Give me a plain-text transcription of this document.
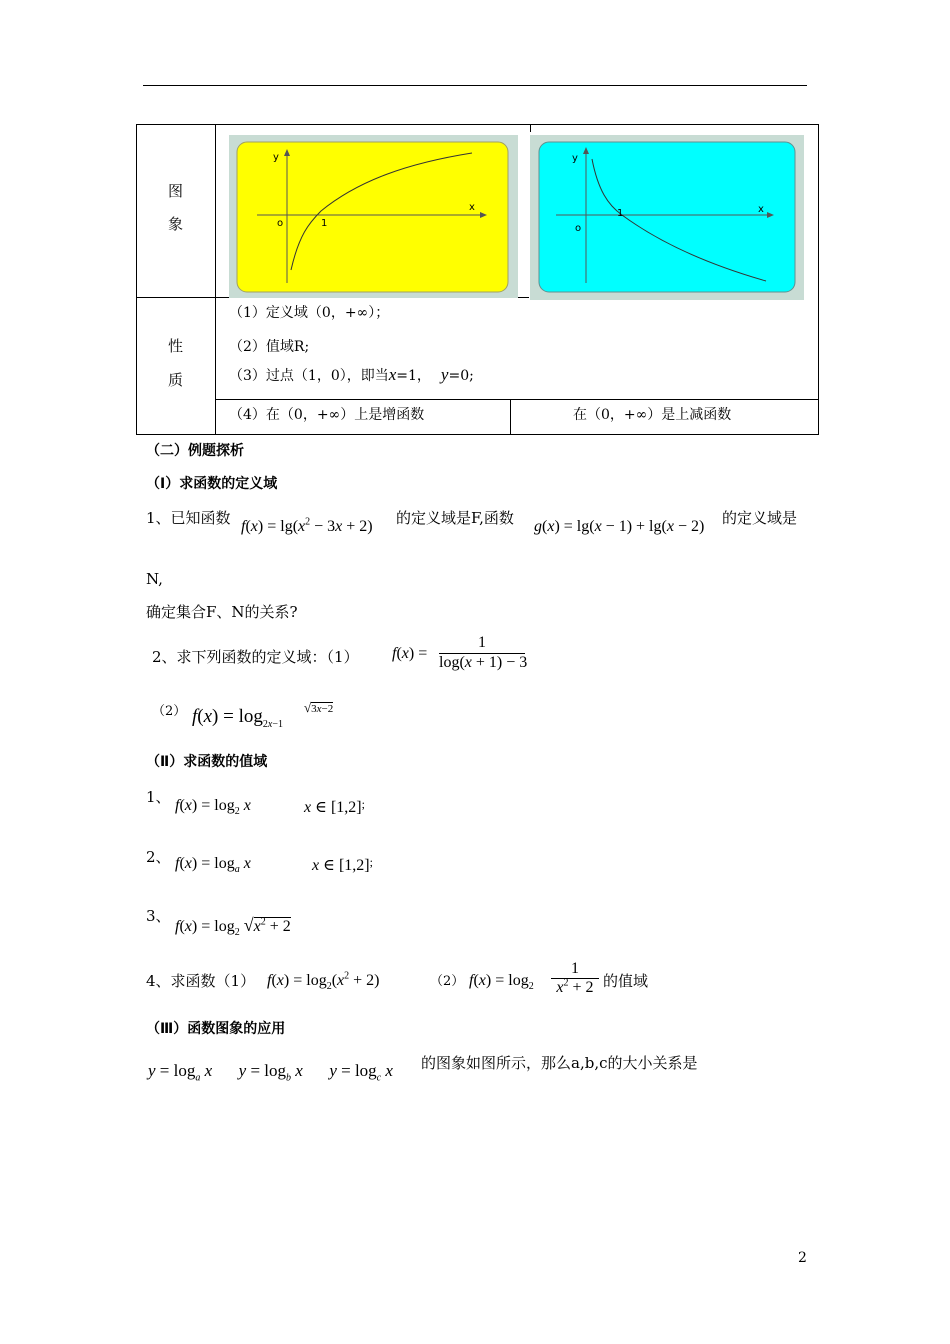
图
象
性
质
y
x
o	1
y
x
o
1
（1）定义域（0，+∞）；
（2）值域R;
（3）过点（1，0），即当x=1， y=0;
（4）在（0，+∞）上是增函数	在（0，+∞）是上减函数
（二）例题探析
（Ⅰ）求函数的定义域
1、已知函数 $f(x) = \lg(x^2 - 3x + 2)$ 的定义域是F,函数 g(x) = lg(x − 1) + lg(x − 2) 的定义域是
N,
确定集合F、N的关系?
2、求下列函数的定义域：（1） f(x) =
1
log(x + 1) − 3
（2） $f(x) = \log_{2x-1}$
√3x−2
（Ⅱ）求函数的值域
1、 $f(x) = \log_2 x$	x ∈ [1,2];
2、 $f(x) = \log_a x$	x ∈ [1,2];
3、
$f(x) = \log_2 √x^2 + 2$
4、求函数（1） $f(x) = \log_2(x^2 + 2)$	（2） $f(x) = \log_2$
1
$x^2 + 2$ 的值域
（Ⅲ）函数图象的应用
$y = \log_a x$ $y = \log_b x$ $y = \log_c x$ 的图象如图所示，那么a,b,c的大小关系是
2
